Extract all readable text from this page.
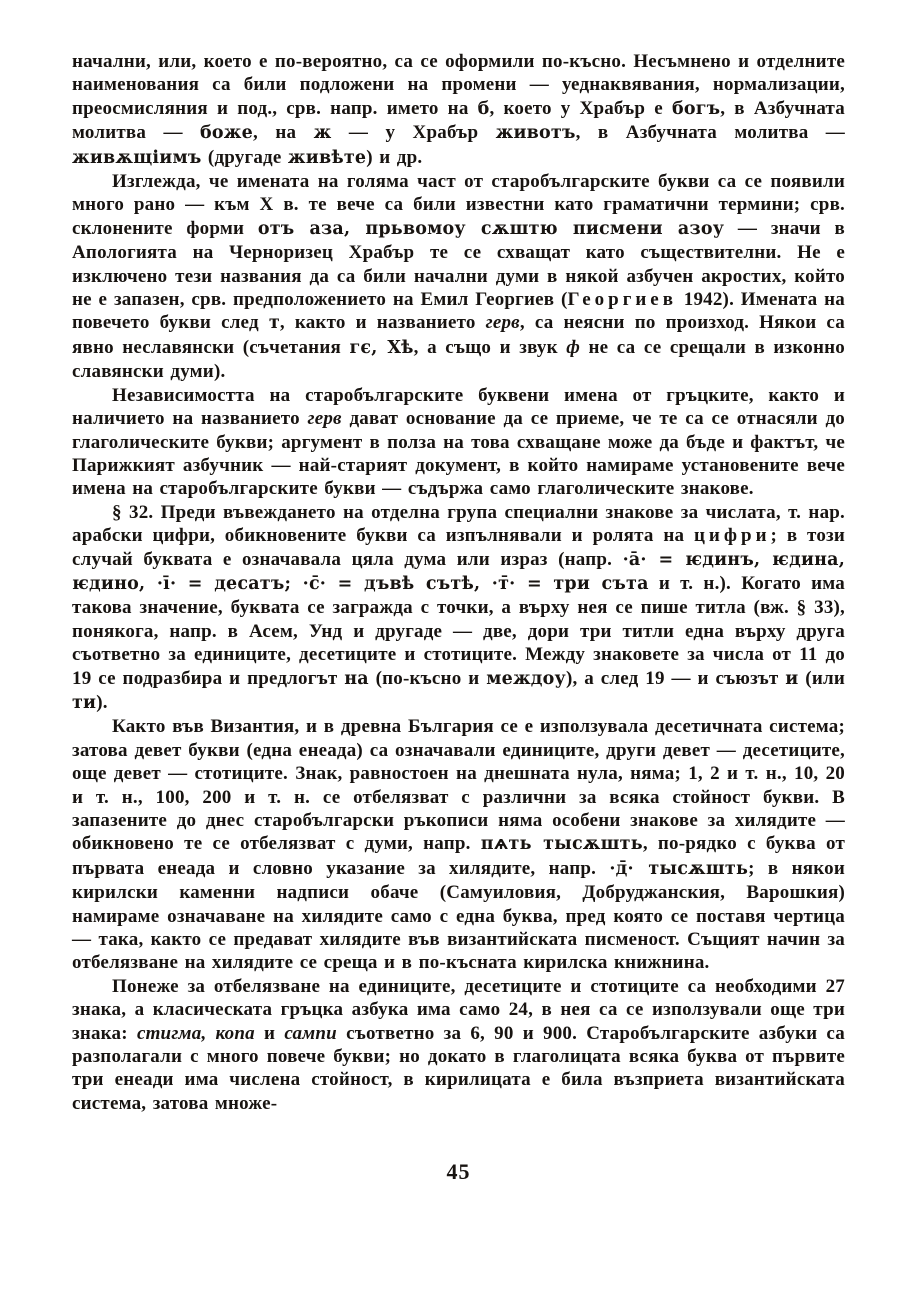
начални, или, което е по-вероятно, са се оформили по-късно. Несъмнено и отделните наименования са били подложени на промени — уеднаквявания, нормализации, преосмисляния и под., срв. напр. името на б, което у Храбър е богъ, в Азбучната молитва — боже, на ж — у Храбър животъ, в Азбучната молитва — живѫщіимъ (другаде живѣте) и др.

Изглежда, че имената на голяма част от старобългарските букви са се появили много рано — към X в. те вече са били известни като граматични термини; срв. склонените форми отъ аза, прьвомоу сѫштю писмени азоу — значи в Апологията на Черноризец Храбър те се схващат като съществителни. Не е изключено тези названия да са били начални думи в някой азбучен акростих, който не е запазен, срв. предположението на Емил Георгиев (Георгиев 1942). Имената на повечето букви след т, както и названието герв, са неясни по произход. Някои са явно неславянски (съчетания гє, Хѣ, а също и звук ф не са се срещали в изконно славянски думи).

Независимостта на старобългарските буквени имена от гръцките, както и наличието на названието герв дават основание да се приеме, че те са се отнасяли до глаголическите букви; аргумент в полза на това схващане може да бъде и фактът, че Парижкият азбучник — най-старият документ, в който намираме установените вече имена на старобългарските букви — съдържа само глаголическите знакове.

§ 32. Преди въвеждането на отделна група специални знакове за числата, т. нар. арабски цифри, обикновените букви са изпълнявали и ролята на цифри; в този случай буквата е означавала цяла дума или израз (напр. ·а̄· = ѥдинъ, ѥдина, ѥдино, ·ī· = десатъ; ·с̄· = дъвѣ сътѣ, ·т̄· = три съта и т. н.). Когато има такова значение, буквата се загражда с точки, а върху нея се пише титла (вж. § 33), понякога, напр. в Асем, Унд и другаде — две, дори три титли една върху друга съответно за единиците, десетиците и стотиците. Между знаковете за числа от 11 до 19 се подразбира и предлогът на (по-късно и междоу), а след 19 — и съюзът и (или ти).

Както във Византия, и в древна България се е използувала десетичната система; затова девет букви (една енеада) са означавали единиците, други девет — десетиците, още девет — стотиците. Знак, равностоен на днешната нула, няма; 1, 2 и т. н., 10, 20 и т. н., 100, 200 и т. н. се отбелязват с различни за всяка стойност букви. В запазените до днес старобългарски ръкописи няма особени знакове за хилядите — обикновено те се отбелязват с думи, напр. пѧть тысѫшть, по-рядко с буква от първата енеада и словно указание за хилядите, напр. ·д̄· тысѫшть; в някои кирилски каменни надписи обаче (Самуиловия, Добруджанския, Варошкия) намираме означаване на хилядите само с една буква, пред която се поставя чертица — така, както се предават хилядите във византийската писменост. Същият начин за отбелязване на хилядите се среща и в по-късната кирилска книжнина.

Понеже за отбелязване на единиците, десетиците и стотиците са необходими 27 знака, а класическата гръцка азбука има само 24, в нея са се използували още три знака: стигма, копа и сампи съответно за 6, 90 и 900. Старобългарските азбуки са разполагали с много повече букви; но докато в глаголицата всяка буква от първите три енеади има числена стойност, в кирилицата е била възприета византийската система, затова множе-

45
